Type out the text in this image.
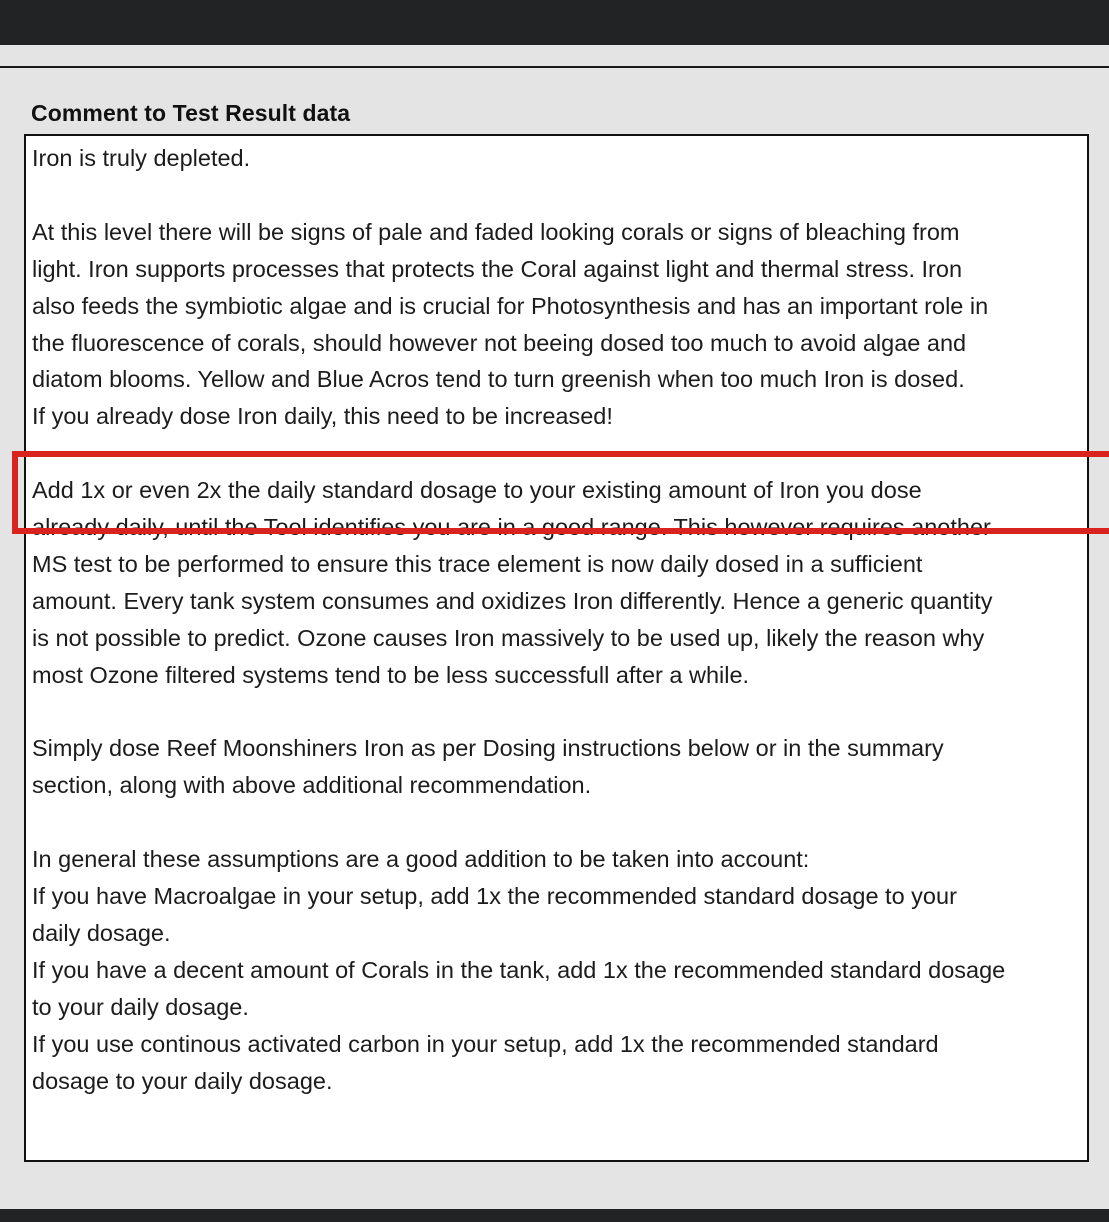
Comment to Test Result data

Iron is truly depleted.

At this level there will be signs of pale and faded looking corals or signs of bleaching from

light. Iron supports processes that protects the Coral against light and thermal stress. Iron

also feeds the symbiotic algae and is crucial for Photosynthesis and has an important role in

the fluorescence of corals, should however not beeing dosed too much to avoid algae and

diatom blooms. Yellow and Blue Acros tend to turn greenish when too much Iron is dosed.

If you already dose Iron daily, this need to be increased!

Add 1x or even 2x the daily standard dosage to your existing amount of Iron you dose

already daily, until the Tool identifies you are in a good range. This however requires another

MS test to be performed to ensure this trace element is now daily dosed in a sufficient

amount. Every tank system consumes and oxidizes Iron differently. Hence a generic quantity

is not possible to predict. Ozone causes Iron massively to be used up, likely the reason why

most Ozone filtered systems tend to be less successfull after a while.

Simply dose Reef Moonshiners Iron as per Dosing instructions below or in the summary

section, along with above additional recommendation.

In general these assumptions are a good addition to be taken into account:

If you have Macroalgae in your setup, add 1x the recommended standard dosage to your

daily dosage.

If you have a decent amount of Corals in the tank, add 1x the recommended standard dosage

to your daily dosage.

If you use continous activated carbon in your setup, add 1x the recommended standard

dosage to your daily dosage.
